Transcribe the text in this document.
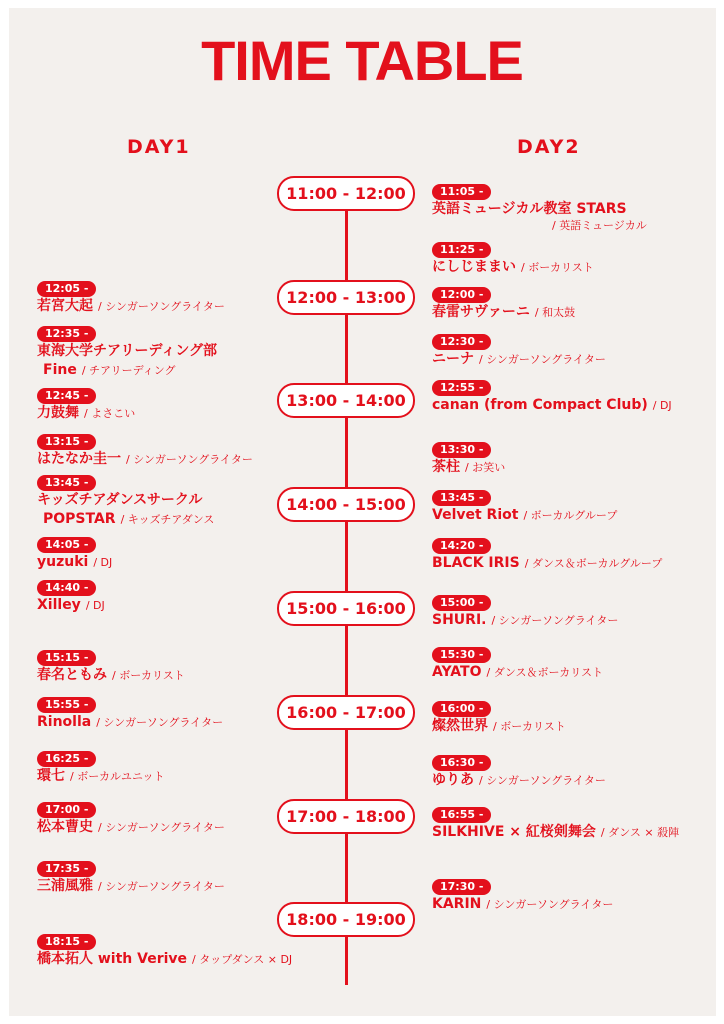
TIME TABLE
DAY1	DAY2
11:00 - 12:00
12:00 - 13:00
13:00 - 14:00
14:00 - 15:00
15:00 - 16:00
16:00 - 17:00
17:00 - 18:00
18:00 - 19:00
12:05 -
若宮大起 / シンガーソングライター
12:35 -
東海大学チアリーディング部
Fine / チアリーディング
12:45 -
力鼓舞 / よさこい
13:15 -
はたなか圭一 / シンガーソングライター
13:45 -
キッズチアダンスサークル
POPSTAR / キッズチアダンス
14:05 -
yuzuki / DJ
14:40 -
Xilley / DJ
15:15 -
春名ともみ / ボーカリスト
15:55 -
Rinolla / シンガーソングライター
16:25 -
環七 / ボーカルユニット
17:00 -
松本曹史 / シンガーソングライター
17:35 -
三浦風雅 / シンガーソングライター
18:15 -
橋本拓人 with Verive / タップダンス × DJ
11:05 -
英語ミュージカル教室 STARS
/ 英語ミュージカル
11:25 -
にしじままい / ボーカリスト
12:00 -
春雷サヴァーニ / 和太鼓
12:30 -
ニーナ / シンガーソングライター
12:55 -
canan (from Compact Club) / DJ
13:30 -
茶柱 / お笑い
13:45 -
Velvet Riot / ボーカルグループ
14:20 -
BLACK IRIS / ダンス＆ボーカルグループ
15:00 -
SHURI. / シンガーソングライター
15:30 -
AYATO / ダンス＆ボーカリスト
16:00 -
燦然世界 / ボーカリスト
16:30 -
ゆりあ / シンガーソングライター
16:55 -
SILKHIVE × 紅桜剣舞会 / ダンス × 殺陣
17:30 -
KARIN / シンガーソングライター
